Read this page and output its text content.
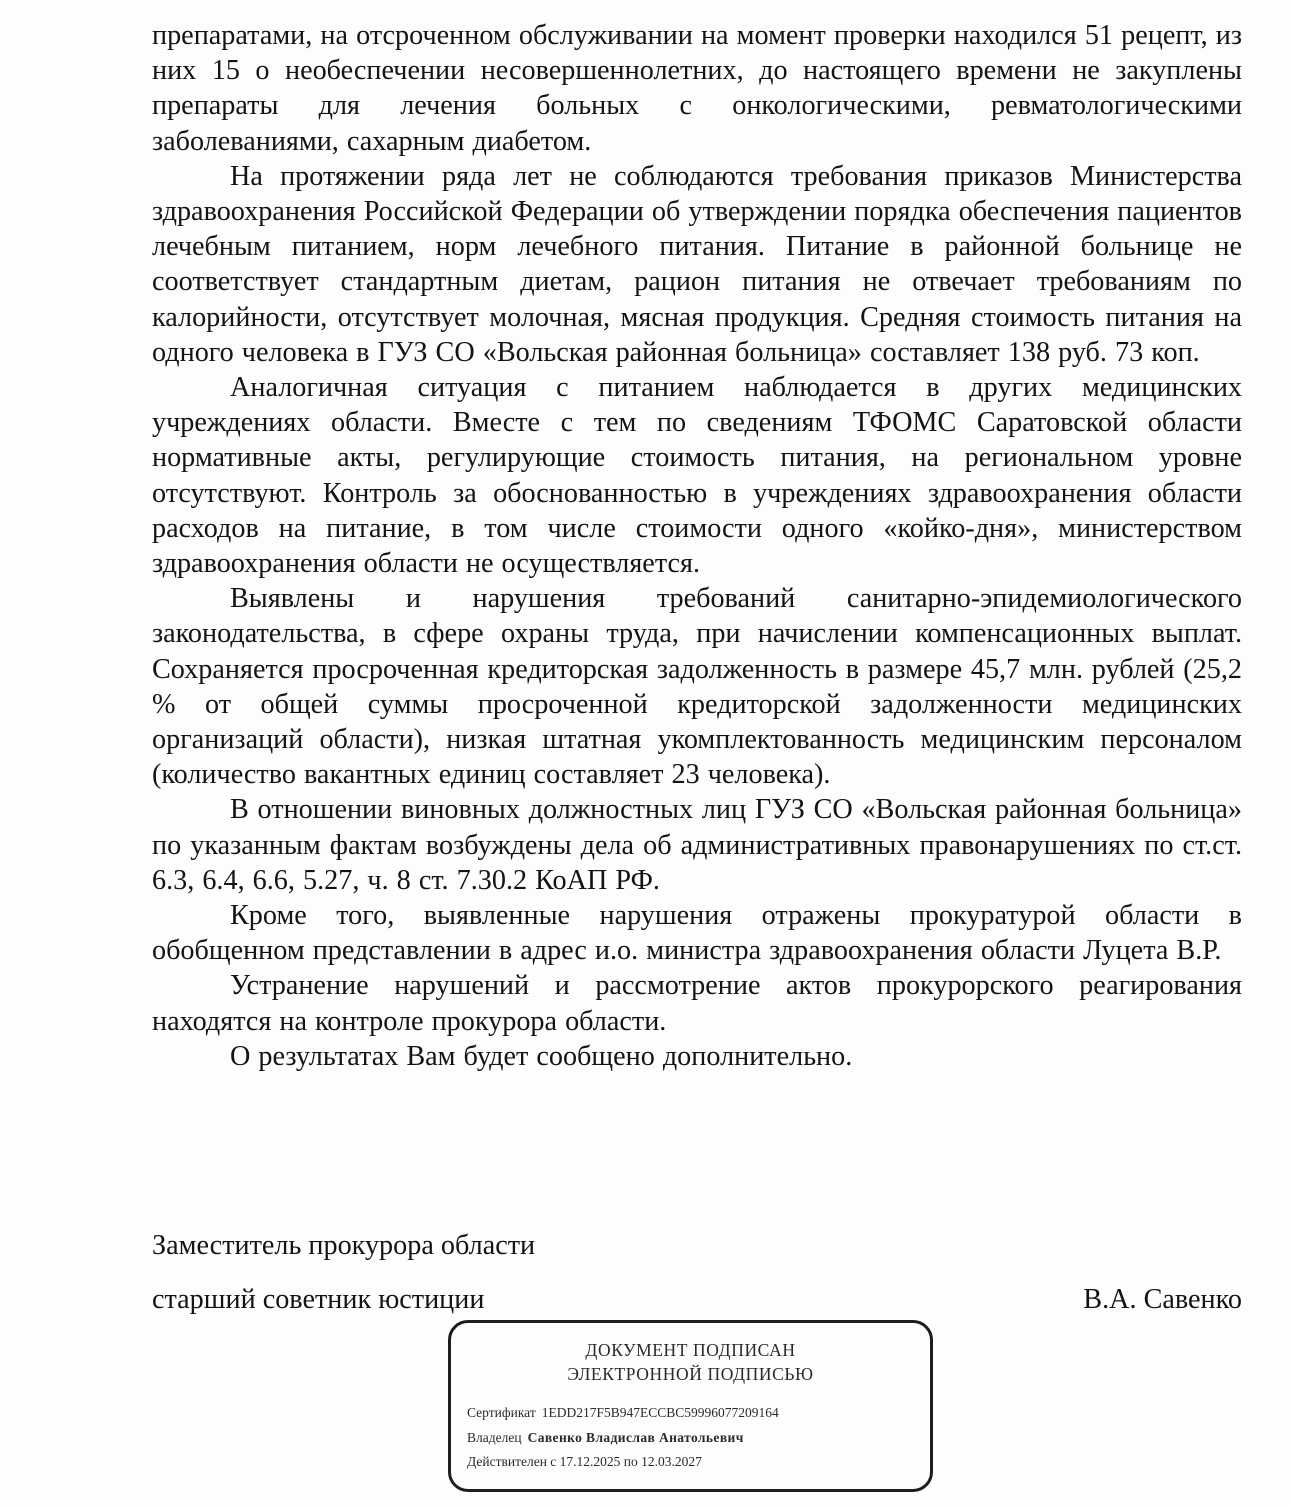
препаратами, на отсроченном обслуживании на момент проверки находился 51 рецепт, из них 15 о необеспечении несовершеннолетних, до настоящего времени не закуплены препараты для лечения больных с онкологическими, ревматологическими заболеваниями, сахарным диабетом.

На протяжении ряда лет не соблюдаются требования приказов Министерства здравоохранения Российской Федерации об утверждении порядка обеспечения пациентов лечебным питанием, норм лечебного питания. Питание в районной больнице не соответствует стандартным диетам, рацион питания не отвечает требованиям по калорийности, отсутствует молочная, мясная продукция. Средняя стоимость питания на одного человека в ГУЗ СО «Вольская районная больница» составляет 138 руб. 73 коп.

Аналогичная ситуация с питанием наблюдается в других медицинских учреждениях области. Вместе с тем по сведениям ТФОМС Саратовской области нормативные акты, регулирующие стоимость питания, на региональном уровне отсутствуют. Контроль за обоснованностью в учреждениях здравоохранения области расходов на питание, в том числе стоимости одного «койко-дня», министерством здравоохранения области не осуществляется.

Выявлены и нарушения требований санитарно-эпидемиологического законодательства, в сфере охраны труда, при начислении компенсационных выплат. Сохраняется просроченная кредиторская задолженность в размере 45,7 млн. рублей (25,2 % от общей суммы просроченной кредиторской задолженности медицинских организаций области), низкая штатная укомплектованность медицинским персоналом (количество вакантных единиц составляет 23 человека).

В отношении виновных должностных лиц ГУЗ СО «Вольская районная больница» по указанным фактам возбуждены дела об административных правонарушениях по ст.ст. 6.3, 6.4, 6.6, 5.27, ч. 8 ст. 7.30.2 КоАП РФ.

Кроме того, выявленные нарушения отражены прокуратурой области в обобщенном представлении в адрес и.о. министра здравоохранения области Луцета В.Р.

Устранение нарушений и рассмотрение актов прокурорского реагирования находятся на контроле прокурора области.

О результатах Вам будет сообщено дополнительно.

Заместитель прокурора области
старший советник юстиции	В.А. Савенко
ДОКУМЕНТ ПОДПИСАН
ЭЛЕКТРОННОЙ ПОДПИСЬЮ
Сертификат 1EDD217F5B947ECCBC59996077209164
Владелец Савенко Владислав Анатольевич
Действителен с 17.12.2025 по 12.03.2027
